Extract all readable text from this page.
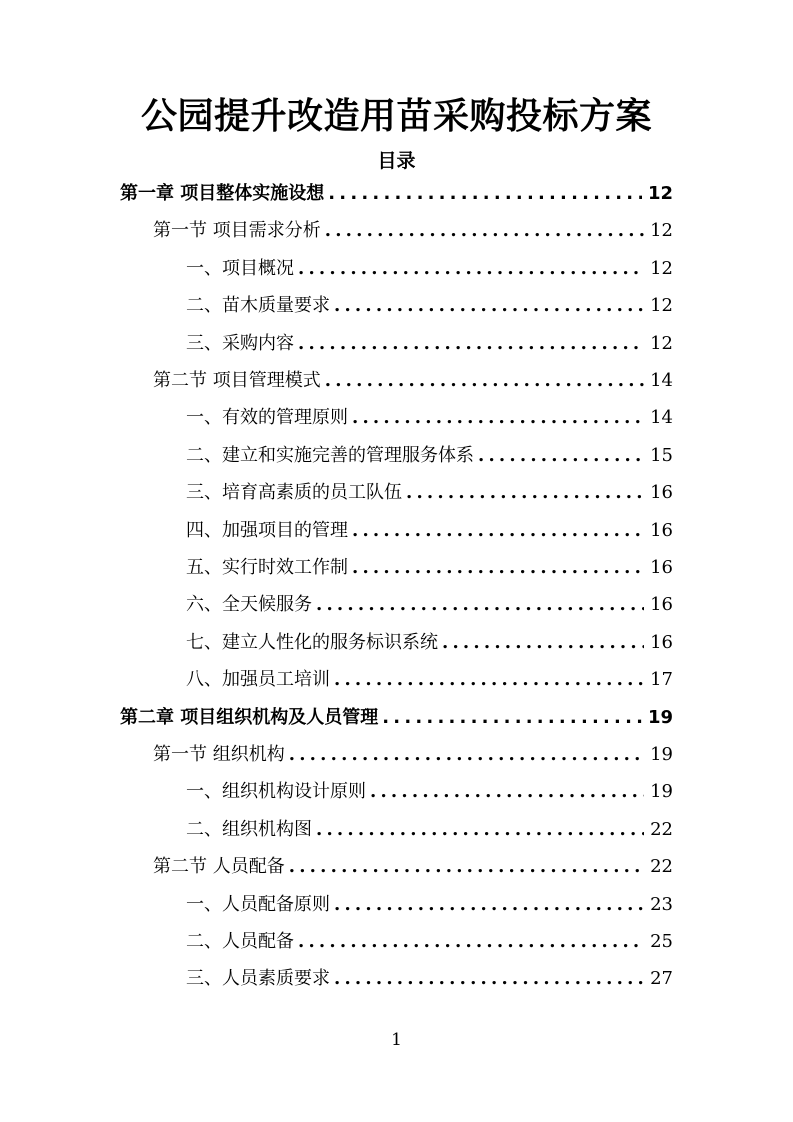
公园提升改造用苗采购投标方案
目录
第一章 项目整体实施设想 .....	12
第一节 项目需求分析 .....	12
一、项目概况 .....	12
二、苗木质量要求 .....	12
三、采购内容 .....	12
第二节 项目管理模式 .....	14
一、有效的管理原则 .....	14
二、建立和实施完善的管理服务体系 .....	15
三、培育高素质的员工队伍 .....	16
四、加强项目的管理 .....	16
五、实行时效工作制 .....	16
六、全天候服务 .....	16
七、建立人性化的服务标识系统 .....	16
八、加强员工培训 .....	17
第二章 项目组织机构及人员管理 .....	19
第一节 组织机构 .....	19
一、组织机构设计原则 .....	19
二、组织机构图 .....	22
第二节 人员配备 .....	22
一、人员配备原则 .....	23
二、人员配备 .....	25
三、人员素质要求 .....	27
1
